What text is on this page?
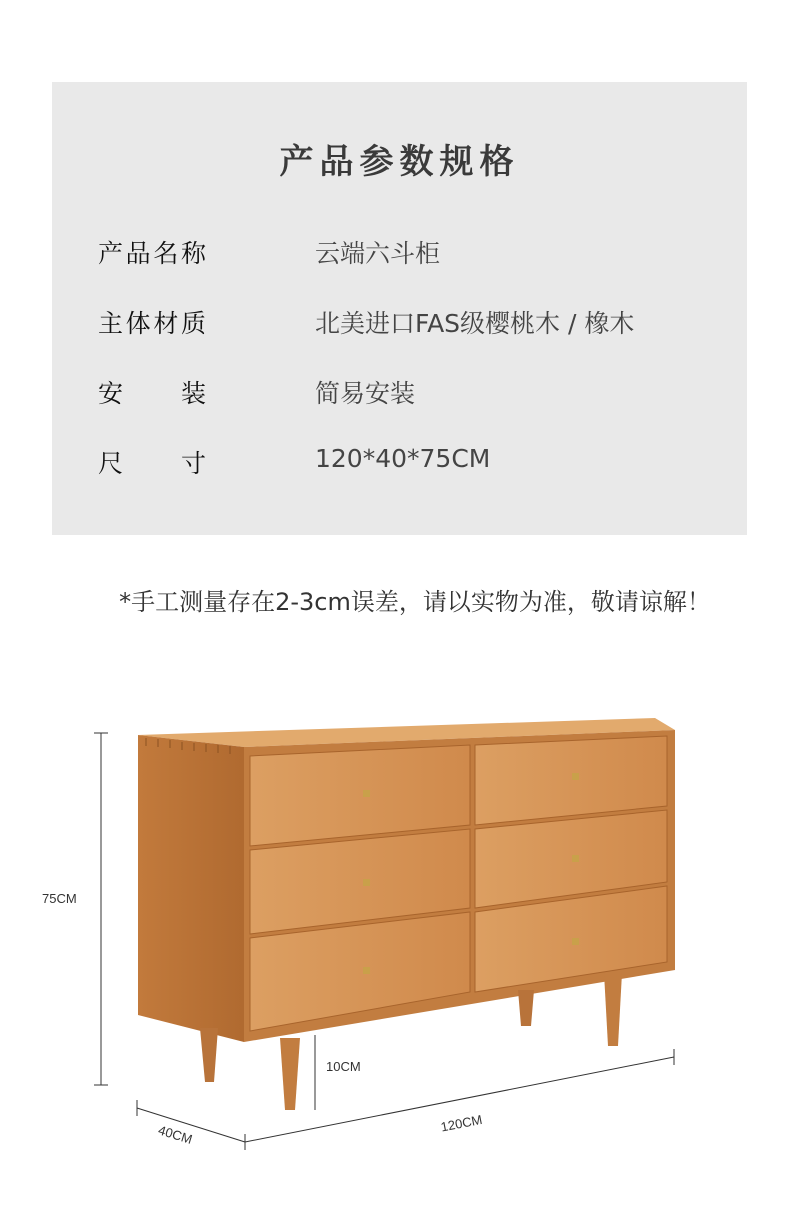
产品参数规格
产品名称	云端六斗柜
主体材质	北美进口FAS级樱桃木 / 橡木
安　装	简易安装
尺　寸	120*40*75CM
*手工测量存在2-3cm误差，请以实物为准，敬请谅解！
75CM
10CM
120CM
40CM
